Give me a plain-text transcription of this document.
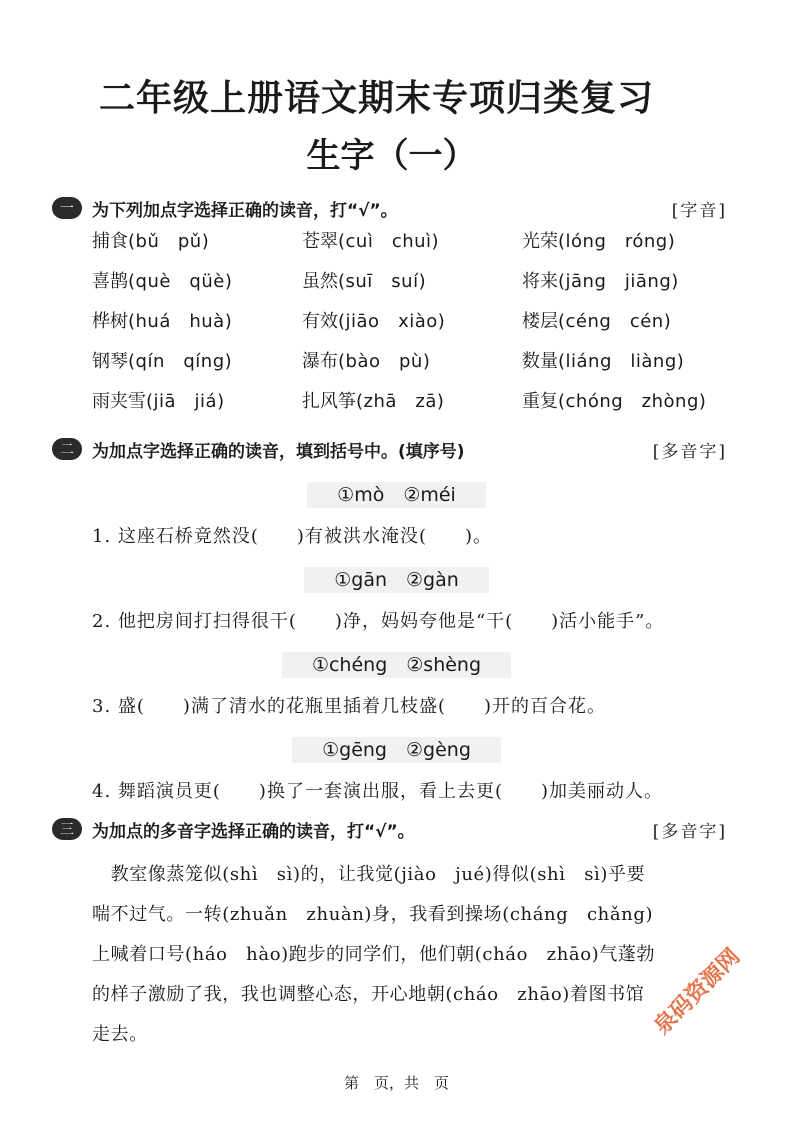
二年级上册语文期末专项归类复习
生字（一）
一	为下列加点字选择正确的读音，打“√”。	[字音]
捕食(bǔ　pǔ)	苍翠(cuì　chuì)	光荣(lóng　róng)
喜鹊(què　qüè)	虽然(suī　suí)	将来(jāng　jiāng)
桦树(huá　huà)	有效(jiāo　xiào)	楼层(céng　cén)
钢琴(qín　qíng)	瀑布(bào　pù)	数量(liáng　liàng)
雨夹雪(jiā　jiá)	扎风筝(zhā　zā)	重复(chóng　zhòng)
二	为加点字选择正确的读音，填到括号中。(填序号)	[多音字]
①mò　②méi
1. 这座石桥竟然没(　　)有被洪水淹没(　　)。
①gān　②gàn
2. 他把房间打扫得很干(　　)净，妈妈夸他是“干(　　)活小能手”。
①chéng　②shèng
3. 盛(　　)满了清水的花瓶里插着几枝盛(　　)开的百合花。
①gēng　②gèng
4. 舞蹈演员更(　　)换了一套演出服，看上去更(　　)加美丽动人。
三	为加点的多音字选择正确的读音，打“√”。	[多音字]
　教室像蒸笼似(shì　sì)的，让我觉(jiào　jué)得似(shì　sì)乎要
喘不过气。一转(zhuǎn　zhuàn)身，我看到操场(cháng　chǎng)
上喊着口号(háo　hào)跑步的同学们，他们朝(cháo　zhāo)气蓬勃
的样子激励了我，我也调整心态，开心地朝(cháo　zhāo)着图书馆
走去。
第　页，共　页
泉码资源网
